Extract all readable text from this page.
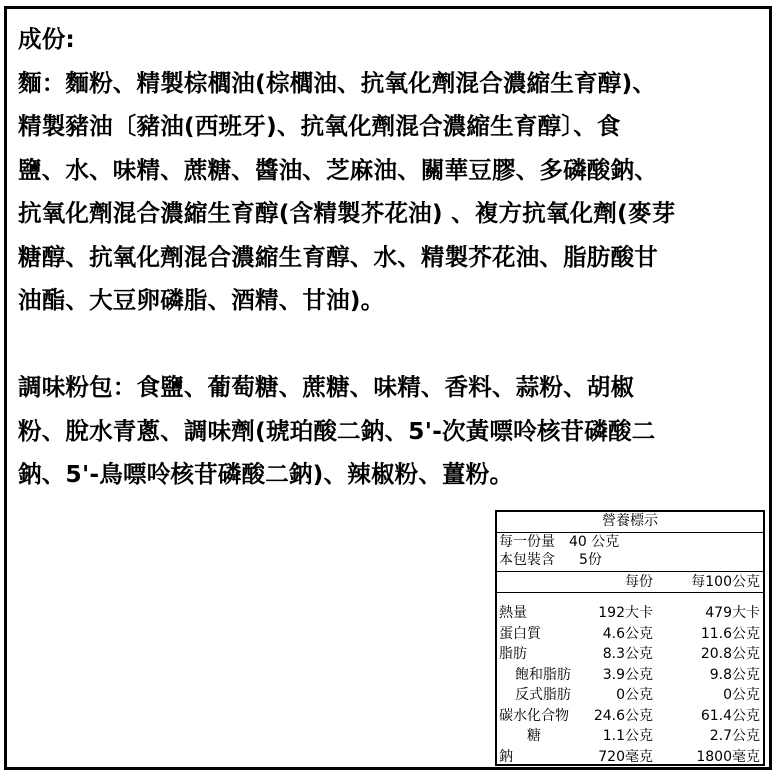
成份:
麵：麵粉、精製棕櫚油(棕櫚油、抗氧化劑混合濃縮生育醇)、
精製豬油〔豬油(西班牙)、抗氧化劑混合濃縮生育醇〕、食
鹽、水、味精、蔗糖、醬油、芝麻油、關華豆膠、多磷酸鈉、
抗氧化劑混合濃縮生育醇(含精製芥花油) 、複方抗氧化劑(麥芽
糖醇、抗氧化劑混合濃縮生育醇、水、精製芥花油、脂肪酸甘
油酯、大豆卵磷脂、酒精、甘油)。
調味粉包：食鹽、葡萄糖、蔗糖、味精、香料、蒜粉、胡椒
粉、脫水青蔥、調味劑(琥珀酸二鈉、5'-次黃嘌呤核苷磷酸二
鈉、5'-鳥嘌呤核苷磷酸二鈉)、辣椒粉、薑粉。
營養標示
每一份量 40 公克
本包裝含 5份
每份	每100公克
熱量	192大卡	479大卡
蛋白質	4.6公克	11.6公克
脂肪	8.3公克	20.8公克
飽和脂肪 3.9公克	9.8公克
反式脂肪	0公克	0公克
碳水化合物 24.6公克	61.4公克
糖	1.1公克	2.7公克
鈉	720毫克	1800毫克
